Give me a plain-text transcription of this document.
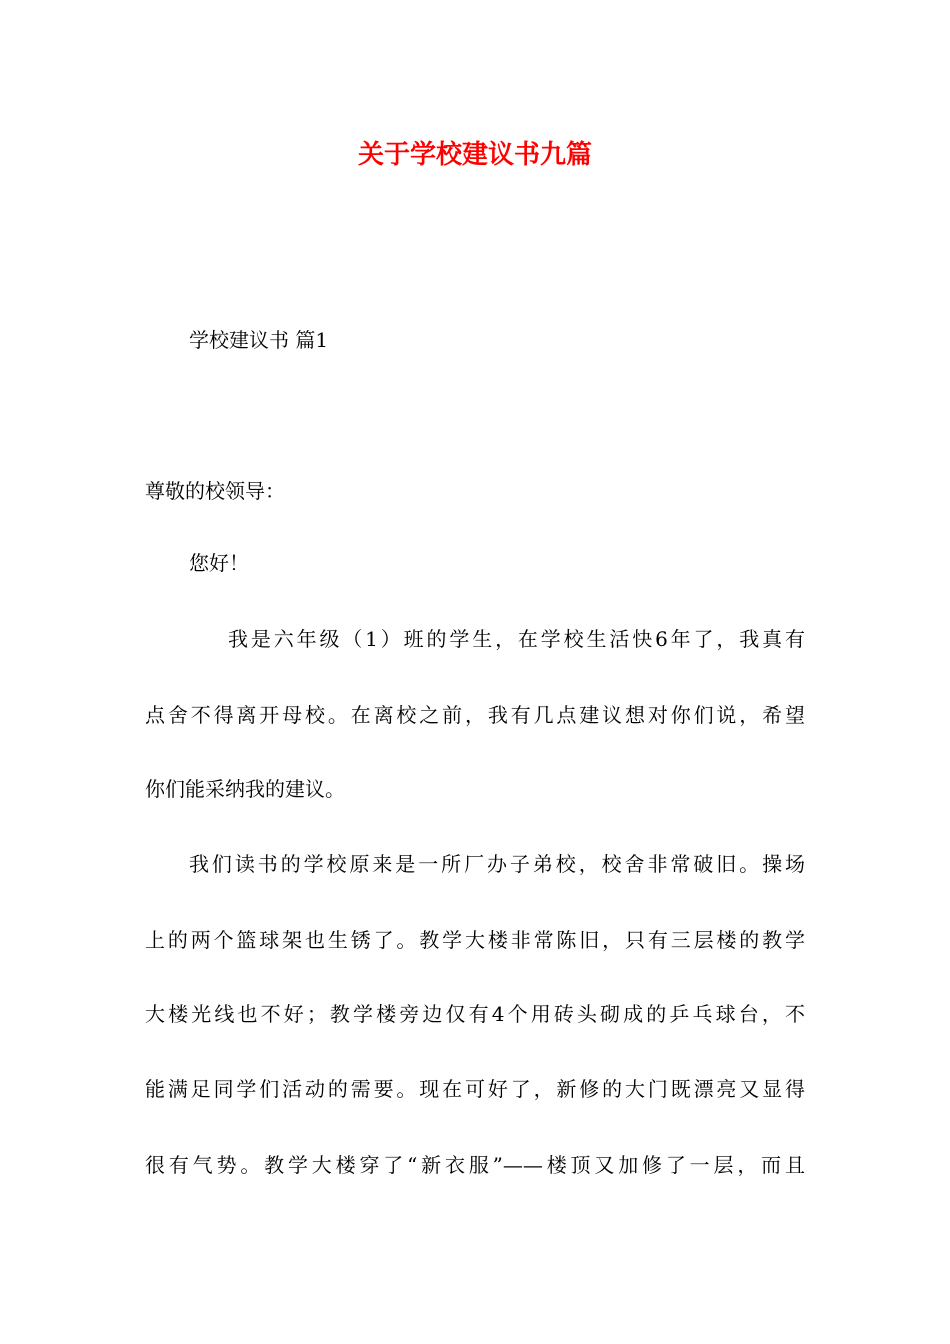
关于学校建议书九篇
学校建议书 篇1
尊敬的校领导：
您好！
我是六年级（1）班的学生，在学校生活快6年了，我真有
点舍不得离开母校。在离校之前，我有几点建议想对你们说，希望
你们能采纳我的建议。
我们读书的学校原来是一所厂办子弟校，校舍非常破旧。操场
上的两个篮球架也生锈了。教学大楼非常陈旧，只有三层楼的教学
大楼光线也不好；教学楼旁边仅有4个用砖头砌成的乒乓球台，不
能满足同学们活动的需要。现在可好了，新修的大门既漂亮又显得
很有气势。教学大楼穿了“新衣服”——楼顶又加修了一层，而且
